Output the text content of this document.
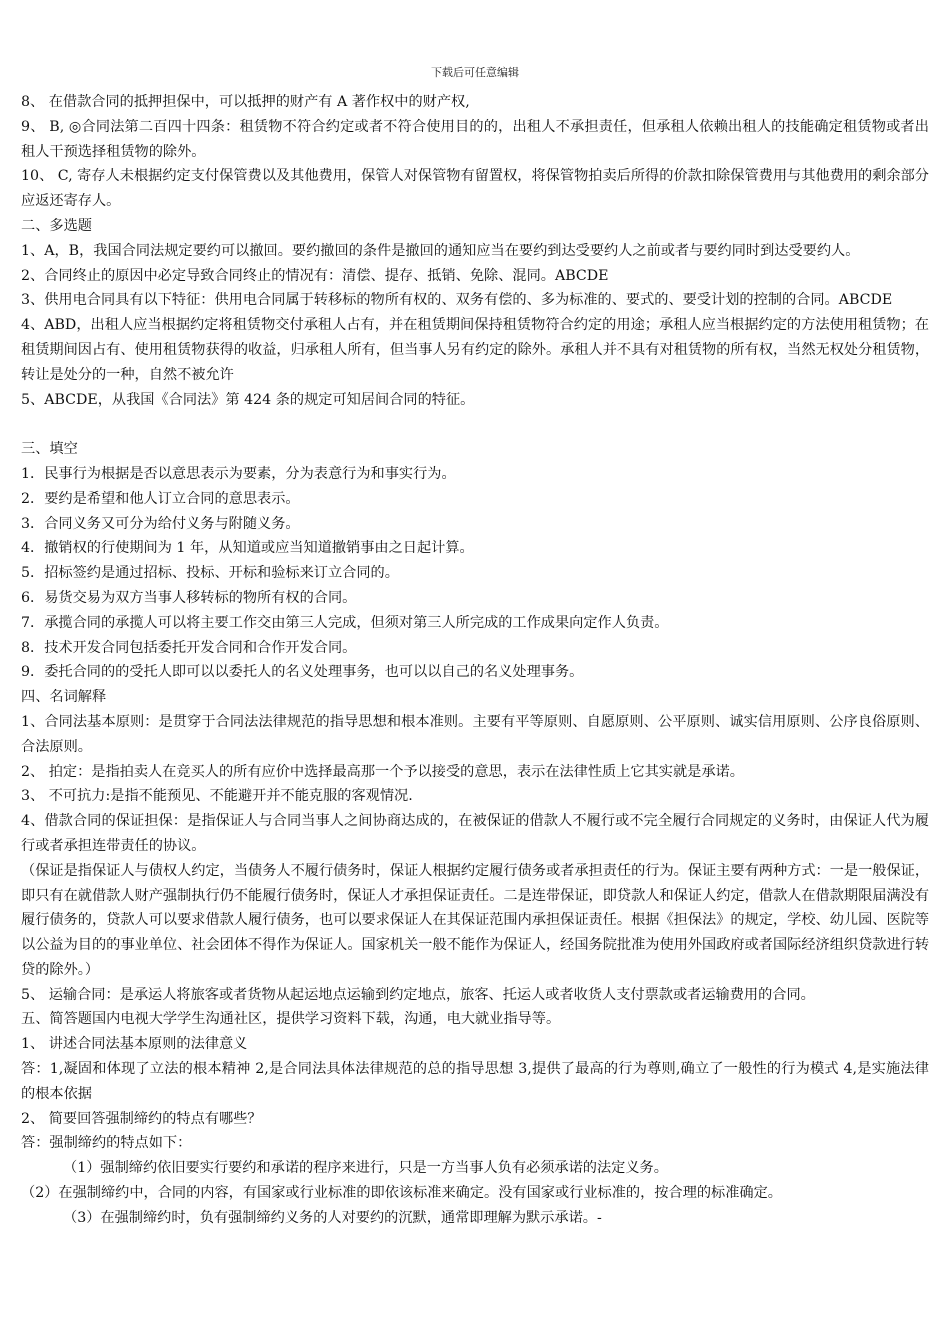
下载后可任意编辑

8、 在借款合同的抵押担保中，可以抵押的财产有 A 著作权中的财产权,

9、 B, ◎合同法第二百四十四条：租赁物不符合约定或者不符合使用目的的，出租人不承担责任，但承租人依赖出租人的技能确定租赁物或者出租人干预选择租赁物的除外。

10、 C, 寄存人未根据约定支付保管费以及其他费用，保管人对保管物有留置权，将保管物拍卖后所得的价款扣除保管费用与其他费用的剩余部分应返还寄存人。

二、多选题

1、A，B，我国合同法规定要约可以撤回。要约撤回的条件是撤回的通知应当在要约到达受要约人之前或者与要约同时到达受要约人。

2、合同终止的原因中必定导致合同终止的情况有：清偿、提存、抵销、免除、混同。ABCDE

3、供用电合同具有以下特征：供用电合同属于转移标的物所有权的、双务有偿的、多为标准的、要式的、要受计划的控制的合同。ABCDE

4、ABD，出租人应当根据约定将租赁物交付承租人占有，并在租赁期间保持租赁物符合约定的用途；承租人应当根据约定的方法使用租赁物；在租赁期间因占有、使用租赁物获得的收益，归承租人所有，但当事人另有约定的除外。承租人并不具有对租赁物的所有权，当然无权处分租赁物，转让是处分的一种，自然不被允许

5、ABCDE，从我国《合同法》第 424 条的规定可知居间合同的特征。

三、填空

1．民事行为根据是否以意思表示为要素，分为表意行为和事实行为。

2．要约是希望和他人订立合同的意思表示。

3．合同义务又可分为给付义务与附随义务。

4．撤销权的行使期间为 1 年，从知道或应当知道撤销事由之日起计算。

5．招标签约是通过招标、投标、开标和验标来订立合同的。

6．易货交易为双方当事人移转标的物所有权的合同。

7．承揽合同的承揽人可以将主要工作交由第三人完成，但须对第三人所完成的工作成果向定作人负责。

8．技术开发合同包括委托开发合同和合作开发合同。

9．委托合同的的受托人即可以以委托人的名义处理事务，也可以以自己的名义处理事务。

四、名词解释

1、合同法基本原则：是贯穿于合同法法律规范的指导思想和根本准则。主要有平等原则、自愿原则、公平原则、诚实信用原则、公序良俗原则、合法原则。

2、 拍定：是指拍卖人在竞买人的所有应价中选择最高那一个予以接受的意思，表示在法律性质上它其实就是承诺。

3、 不可抗力:是指不能预见、不能避开并不能克服的客观情况.

4、借款合同的保证担保：是指保证人与合同当事人之间协商达成的，在被保证的借款人不履行或不完全履行合同规定的义务时，由保证人代为履行或者承担连带责任的协议。

（保证是指保证人与债权人约定，当债务人不履行债务时，保证人根据约定履行债务或者承担责任的行为。保证主要有两种方式：一是一般保证，即只有在就借款人财产强制执行仍不能履行债务时，保证人才承担保证责任。二是连带保证，即贷款人和保证人约定，借款人在借款期限届满没有履行债务的，贷款人可以要求借款人履行债务，也可以要求保证人在其保证范围内承担保证责任。根据《担保法》的规定，学校、幼儿园、医院等以公益为目的的事业单位、社会团体不得作为保证人。国家机关一般不能作为保证人，经国务院批准为使用外国政府或者国际经济组织贷款进行转贷的除外。）

5、 运输合同：是承运人将旅客或者货物从起运地点运输到约定地点，旅客、托运人或者收货人支付票款或者运输费用的合同。

五、简答题国内电视大学学生沟通社区，提供学习资料下载，沟通，电大就业指导等。

1、 讲述合同法基本原则的法律意义

答：1,凝固和体现了立法的根本精神 2,是合同法具体法律规范的总的指导思想 3,提供了最高的行为尊则,确立了一般性的行为模式 4,是实施法律的根本依据

2、 简要回答强制缔约的特点有哪些？

答：强制缔约的特点如下：

（1）强制缔约依旧要实行要约和承诺的程序来进行，只是一方当事人负有必须承诺的法定义务。

（2）在强制缔约中，合同的内容，有国家或行业标准的即依该标准来确定。没有国家或行业标准的，按合理的标准确定。

（3）在强制缔约时，负有强制缔约义务的人对要约的沉默，通常即理解为默示承诺。-
